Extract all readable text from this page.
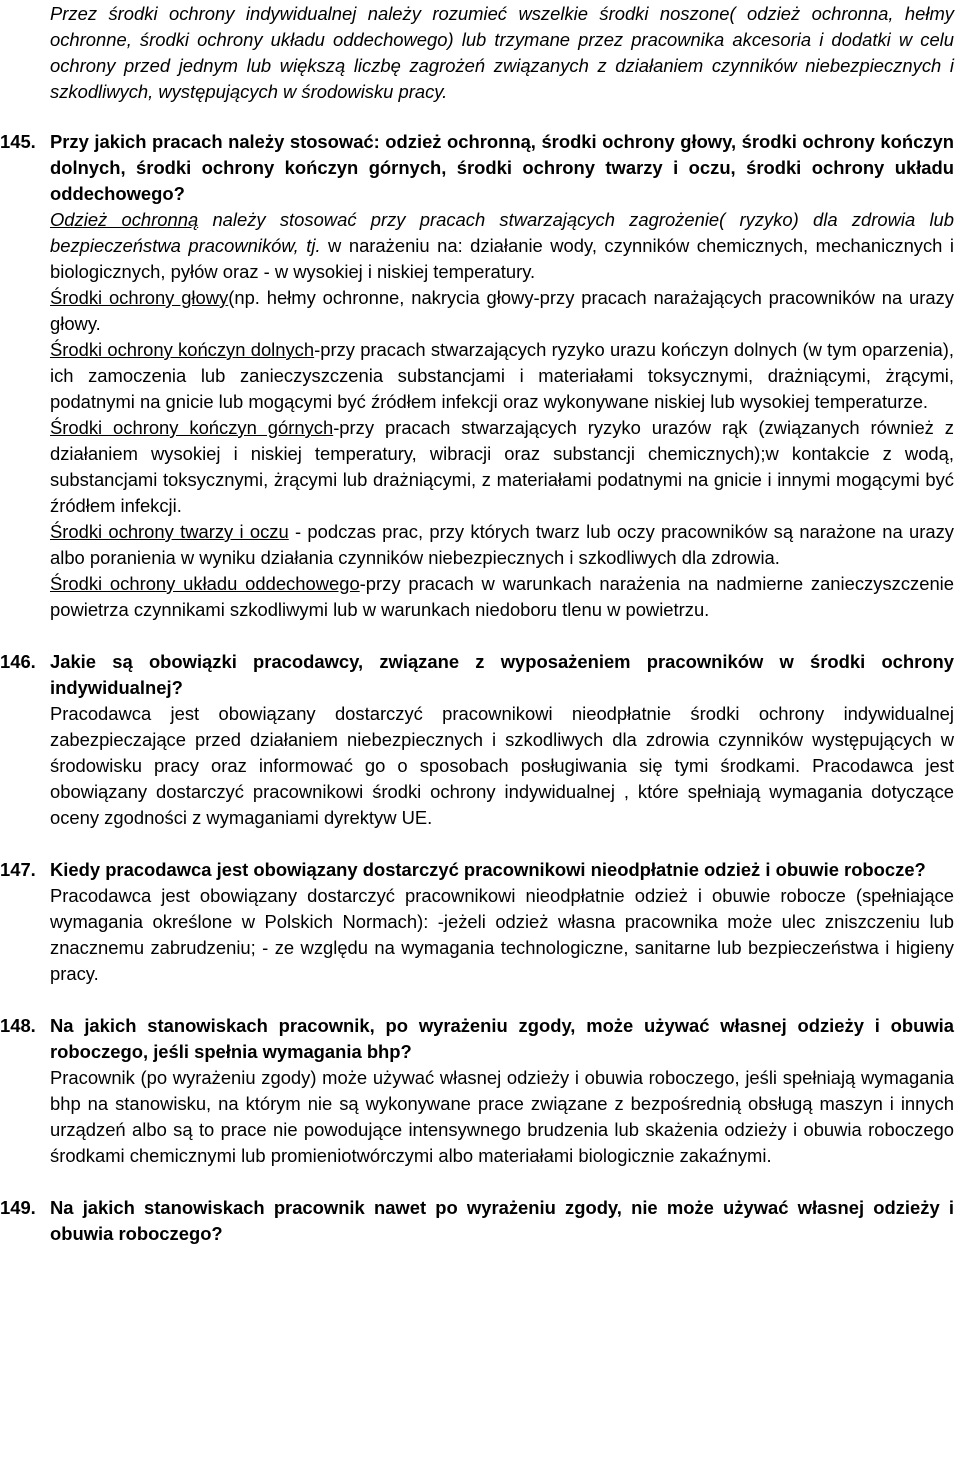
Przez środki ochrony indywidualnej należy rozumieć wszelkie środki noszone( odzież ochronna, hełmy ochronne, środki ochrony układu oddechowego) lub trzymane przez pracownika akcesoria i dodatki w celu ochrony przed jednym lub większą liczbę zagrożeń związanych z działaniem czynników niebezpiecznych i szkodliwych, występujących w środowisku pracy.

145. Przy jakich pracach należy stosować: odzież ochronną, środki ochrony głowy, środki ochrony kończyn dolnych, środki ochrony kończyn górnych, środki ochrony twarzy i oczu, środki ochrony układu oddechowego?

Odzież ochronną należy stosować przy pracach stwarzających zagrożenie( ryzyko) dla zdrowia lub bezpieczeństwa pracowników, tj. w narażeniu na: działanie wody, czynników chemicznych, mechanicznych i biologicznych, pyłów oraz - w wysokiej i niskiej temperatury.

Środki ochrony głowy(np. hełmy ochronne, nakrycia głowy-przy pracach narażających pracowników na urazy głowy.

Środki ochrony kończyn dolnych-przy pracach stwarzających ryzyko urazu kończyn dolnych (w tym oparzenia), ich zamoczenia lub zanieczyszczenia substancjami i materiałami toksycznymi, drażniącymi, żrącymi, podatnymi na gnicie lub mogącymi być źródłem infekcji oraz wykonywane niskiej lub wysokiej temperaturze.

Środki ochrony kończyn górnych-przy pracach stwarzających ryzyko urazów rąk (związanych również z działaniem wysokiej i niskiej temperatury, wibracji oraz substancji chemicznych);w kontakcie z wodą, substancjami toksycznymi, żrącymi lub drażniącymi, z materiałami podatnymi na gnicie i innymi mogącymi być źródłem infekcji.

Środki ochrony twarzy i oczu - podczas prac, przy których twarz lub oczy pracowników są narażone na urazy albo poranienia w wyniku działania czynników niebezpiecznych i szkodliwych dla zdrowia.

Środki ochrony układu oddechowego-przy pracach w warunkach narażenia na nadmierne zanieczyszczenie powietrza czynnikami szkodliwymi lub w warunkach niedoboru tlenu w powietrzu.

146. Jakie są obowiązki pracodawcy, związane z wyposażeniem pracowników w środki ochrony indywidualnej?

Pracodawca jest obowiązany dostarczyć pracownikowi nieodpłatnie środki ochrony indywidualnej zabezpieczające przed działaniem niebezpiecznych i szkodliwych dla zdrowia czynników występujących w środowisku pracy oraz informować go o sposobach posługiwania się tymi środkami. Pracodawca jest obowiązany dostarczyć pracownikowi środki ochrony indywidualnej , które spełniają wymagania dotyczące oceny zgodności z wymaganiami dyrektyw UE.

147. Kiedy pracodawca jest obowiązany dostarczyć pracownikowi nieodpłatnie odzież i obuwie robocze?

Pracodawca jest obowiązany dostarczyć pracownikowi nieodpłatnie odzież i obuwie robocze (spełniające wymagania określone w Polskich Normach): -jeżeli odzież własna pracownika może ulec zniszczeniu lub znacznemu zabrudzeniu; - ze względu na wymagania technologiczne, sanitarne lub bezpieczeństwa i higieny pracy.

148. Na jakich stanowiskach pracownik, po wyrażeniu zgody, może używać własnej odzieży i obuwia roboczego, jeśli spełnia wymagania bhp?

Pracownik (po wyrażeniu zgody) może używać własnej odzieży i obuwia roboczego, jeśli spełniają wymagania bhp na stanowisku, na którym nie są wykonywane prace związane z bezpośrednią obsługą maszyn i innych urządzeń albo są to prace nie powodujące intensywnego brudzenia lub skażenia odzieży i obuwia roboczego środkami chemicznymi lub promieniotwórczymi albo materiałami biologicznie zakaźnymi.

149. Na jakich stanowiskach pracownik nawet po wyrażeniu zgody, nie może używać własnej odzieży i obuwia roboczego?
